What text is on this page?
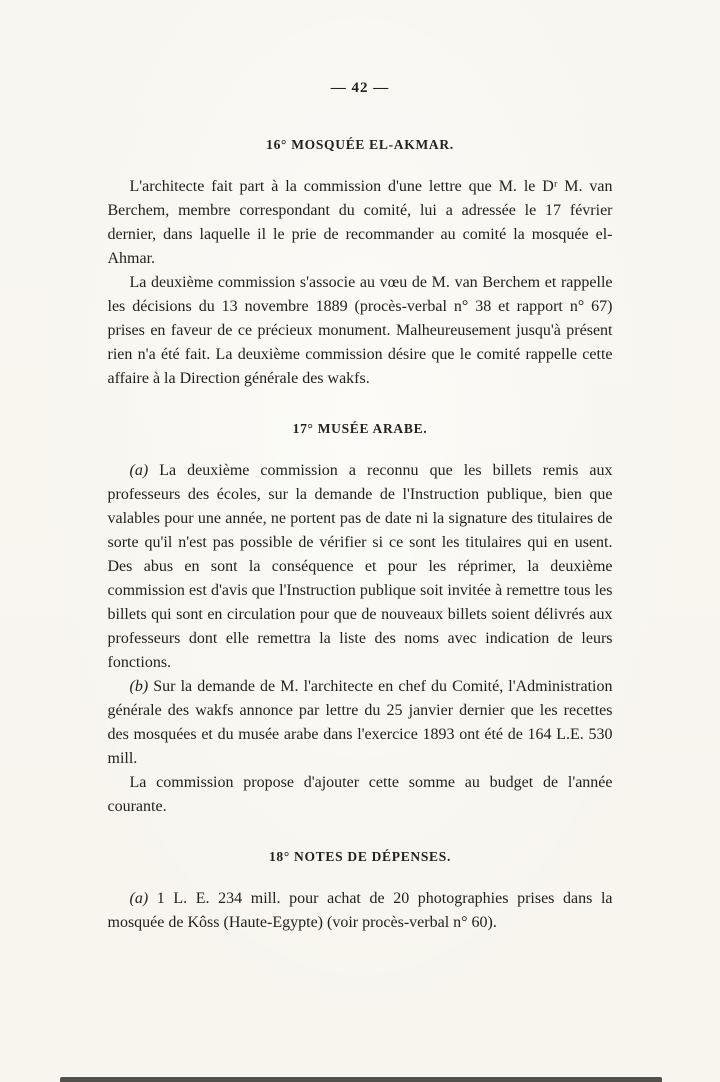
— 42 —
16° MOSQUÉE EL-AKMAR.

L'architecte fait part à la commission d'une lettre que M. le Dʳ M. van Berchem, membre correspondant du comité, lui a adressée le 17 février dernier, dans laquelle il le prie de recommander au comité la mosquée el-Ahmar.

La deuxième commission s'associe au vœu de M. van Berchem et rappelle les décisions du 13 novembre 1889 (procès-verbal n° 38 et rapport n° 67) prises en faveur de ce précieux monument. Malheureusement jusqu'à présent rien n'a été fait. La deuxième commission désire que le comité rappelle cette affaire à la Direction générale des wakfs.

17° MUSÉE ARABE.

(a) La deuxième commission a reconnu que les billets remis aux professeurs des écoles, sur la demande de l'Instruction publique, bien que valables pour une année, ne portent pas de date ni la signature des titulaires de sorte qu'il n'est pas possible de vérifier si ce sont les titulaires qui en usent. Des abus en sont la conséquence et pour les réprimer, la deuxième commission est d'avis que l'Instruction publique soit invitée à remettre tous les billets qui sont en circulation pour que de nouveaux billets soient délivrés aux professeurs dont elle remettra la liste des noms avec indication de leurs fonctions.

(b) Sur la demande de M. l'architecte en chef du Comité, l'Administration générale des wakfs annonce par lettre du 25 janvier dernier que les recettes des mosquées et du musée arabe dans l'exercice 1893 ont été de 164 L.E. 530 mill.

La commission propose d'ajouter cette somme au budget de l'année courante.

18° NOTES DE DÉPENSES.

(a) 1 L. E. 234 mill. pour achat de 20 photographies prises dans la mosquée de Kôss (Haute-Egypte) (voir procès-verbal n° 60).
